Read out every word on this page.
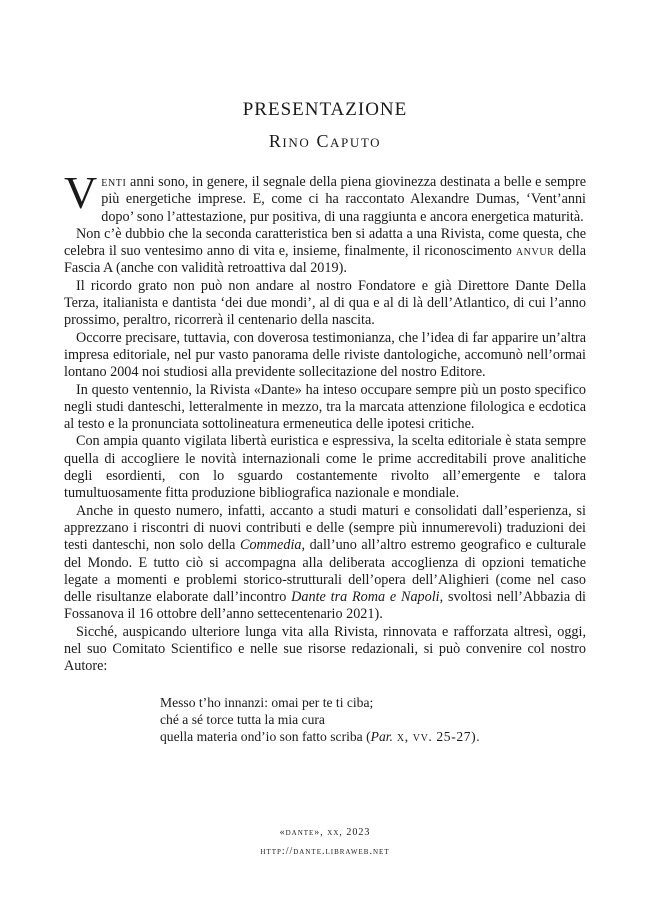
PRESENTAZIONE
Rino Caputo

Venti anni sono, in genere, il segnale della piena giovinezza destinata a belle e sempre più energetiche imprese. E, come ci ha raccontato Alexandre Dumas, ‘Vent’anni dopo’ sono l’attestazione, pur positiva, di una raggiunta e ancora energetica maturità.

Non c’è dubbio che la seconda caratteristica ben si adatta a una Rivista, come questa, che celebra il suo ventesimo anno di vita e, insieme, finalmente, il riconoscimento anvur della Fascia A (anche con validità retroattiva dal 2019).

Il ricordo grato non può non andare al nostro Fondatore e già Direttore Dante Della Terza, italianista e dantista ‘dei due mondi’, al di qua e al di là dell’Atlantico, di cui l’anno prossimo, peraltro, ricorrerà il centenario della nascita.

Occorre precisare, tuttavia, con doverosa testimonianza, che l’idea di far apparire un’altra impresa editoriale, nel pur vasto panorama delle riviste dantologiche, accomunò nell’ormai lontano 2004 noi studiosi alla previdente sollecitazione del nostro Editore.

In questo ventennio, la Rivista «Dante» ha inteso occupare sempre più un posto specifico negli studi danteschi, letteralmente in mezzo, tra la marcata attenzione filologica e ecdotica al testo e la pronunciata sottolineatura ermeneutica delle ipotesi critiche.

Con ampia quanto vigilata libertà euristica e espressiva, la scelta editoriale è stata sempre quella di accogliere le novità internazionali come le prime accreditabili prove analitiche degli esordienti, con lo sguardo costantemente rivolto all’emergente e talora tumultuosamente fitta produzione bibliografica nazionale e mondiale.

Anche in questo numero, infatti, accanto a studi maturi e consolidati dall’esperienza, si apprezzano i riscontri di nuovi contributi e delle (sempre più innumerevoli) traduzioni dei testi danteschi, non solo della Commedia, dall’uno all’altro estremo geografico e culturale del Mondo. E tutto ciò si accompagna alla deliberata accoglienza di opzioni tematiche legate a momenti e problemi storico-strutturali dell’opera dell’Alighieri (come nel caso delle risultanze elaborate dall’incontro Dante tra Roma e Napoli, svoltosi nell’Abbazia di Fossanova il 16 ottobre dell’anno settecentenario 2021).

Sicché, auspicando ulteriore lunga vita alla Rivista, rinnovata e rafforzata altresì, oggi, nel suo Comitato Scientifico e nelle sue risorse redazionali, si può convenire col nostro Autore:

Messo t’ho innanzi: omai per te ti ciba;
ché a sé torce tutta la mia cura
quella materia ond’io son fatto scriba (Par. x, vv. 25-27).
«dante», xx, 2023
http://dante.libraweb.net
